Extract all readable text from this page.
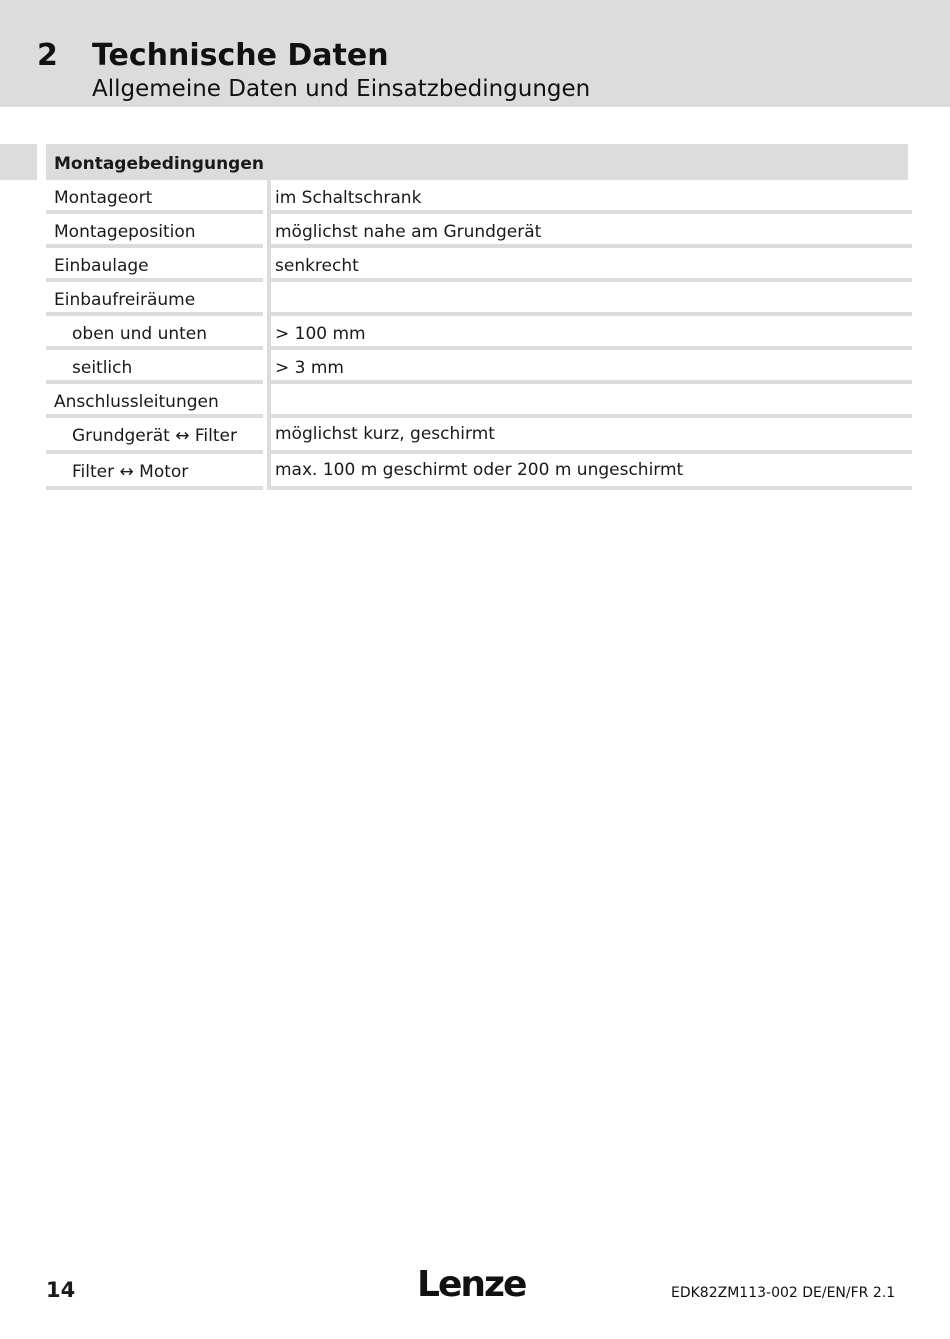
2 Technische Daten
Allgemeine Daten und Einsatzbedingungen
Montagebedingungen
Montageort	im Schaltschrank
Montageposition	möglichst nahe am Grundgerät
Einbaulage	senkrecht
Einbaufreiräume
oben und unten	> 100 mm
seitlich	> 3 mm
Anschlussleitungen
Grundgerät ↔ Filter	möglichst kurz, geschirmt
Filter ↔ Motor	max. 100 m geschirmt oder 200 m ungeschirmt
14	Lenze	EDK82ZM113-002 DE/EN/FR 2.1
